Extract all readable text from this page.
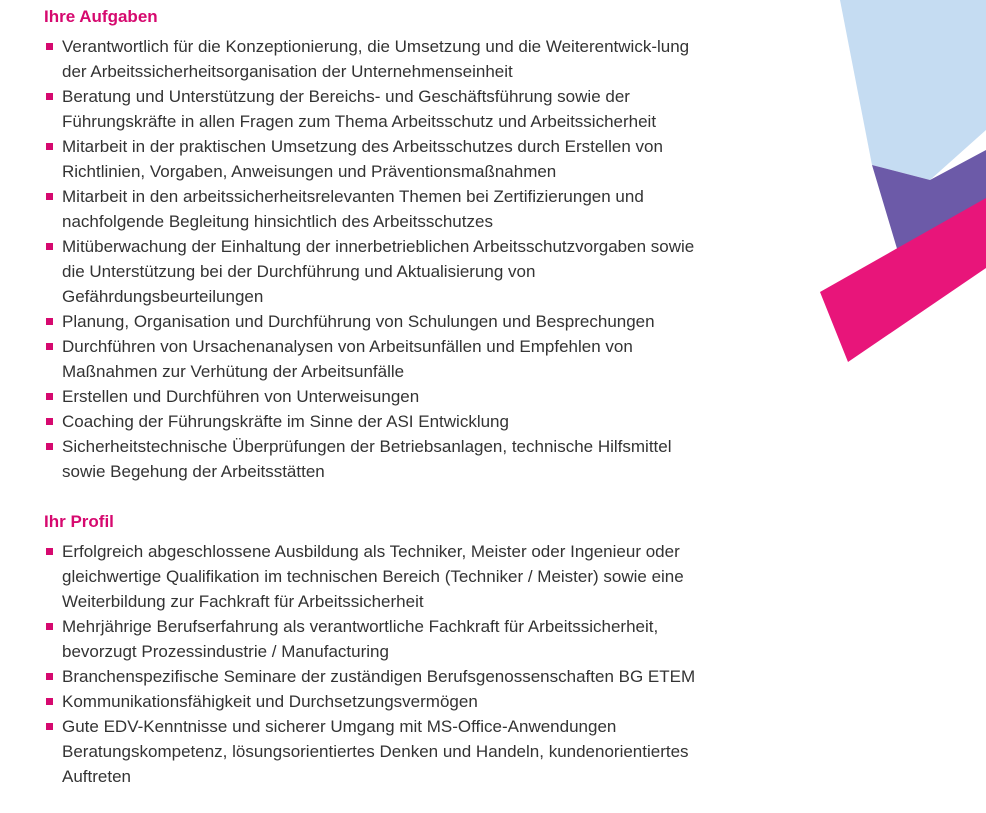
Ihre Aufgaben
Verantwortlich für die Konzeptionierung, die Umsetzung und die Weiterentwick-lung der Arbeitssicherheitsorganisation der Unternehmenseinheit
Beratung und Unterstützung der Bereichs- und Geschäftsführung sowie der Führungskräfte in allen Fragen zum Thema Arbeitsschutz und Arbeitssicherheit
Mitarbeit in der praktischen Umsetzung des Arbeitsschutzes durch Erstellen von Richtlinien, Vorgaben, Anweisungen und Präventionsmaßnahmen
Mitarbeit in den arbeitssicherheitsrelevanten Themen bei Zertifizierungen und nachfolgende Begleitung hinsichtlich des Arbeitsschutzes
Mitüberwachung der Einhaltung der innerbetrieblichen Arbeitsschutzvorgaben sowie die Unterstützung bei der Durchführung und Aktualisierung von Gefährdungsbeurteilungen
Planung, Organisation und Durchführung von Schulungen und Besprechungen
Durchführen von Ursachenanalysen von Arbeitsunfällen und Empfehlen von Maßnahmen zur Verhütung der Arbeitsunfälle
Erstellen und Durchführen von Unterweisungen
Coaching der Führungskräfte im Sinne der ASI Entwicklung
Sicherheitstechnische Überprüfungen der Betriebsanlagen, technische Hilfsmittel sowie Begehung der Arbeitsstätten
Ihr Profil
Erfolgreich abgeschlossene Ausbildung als Techniker, Meister oder Ingenieur oder gleichwertige Qualifikation im technischen Bereich (Techniker / Meister) sowie eine Weiterbildung zur Fachkraft für Arbeitssicherheit
Mehrjährige Berufserfahrung als verantwortliche Fachkraft für Arbeitssicherheit, bevorzugt Prozessindustrie / Manufacturing
Branchenspezifische Seminare der zuständigen Berufsgenossenschaften BG ETEM
Kommunikationsfähigkeit und Durchsetzungsvermögen
Gute EDV-Kenntnisse und sicherer Umgang mit MS-Office-Anwendungen Beratungskompetenz, lösungsorientiertes Denken und Handeln, kundenorientiertes Auftreten
